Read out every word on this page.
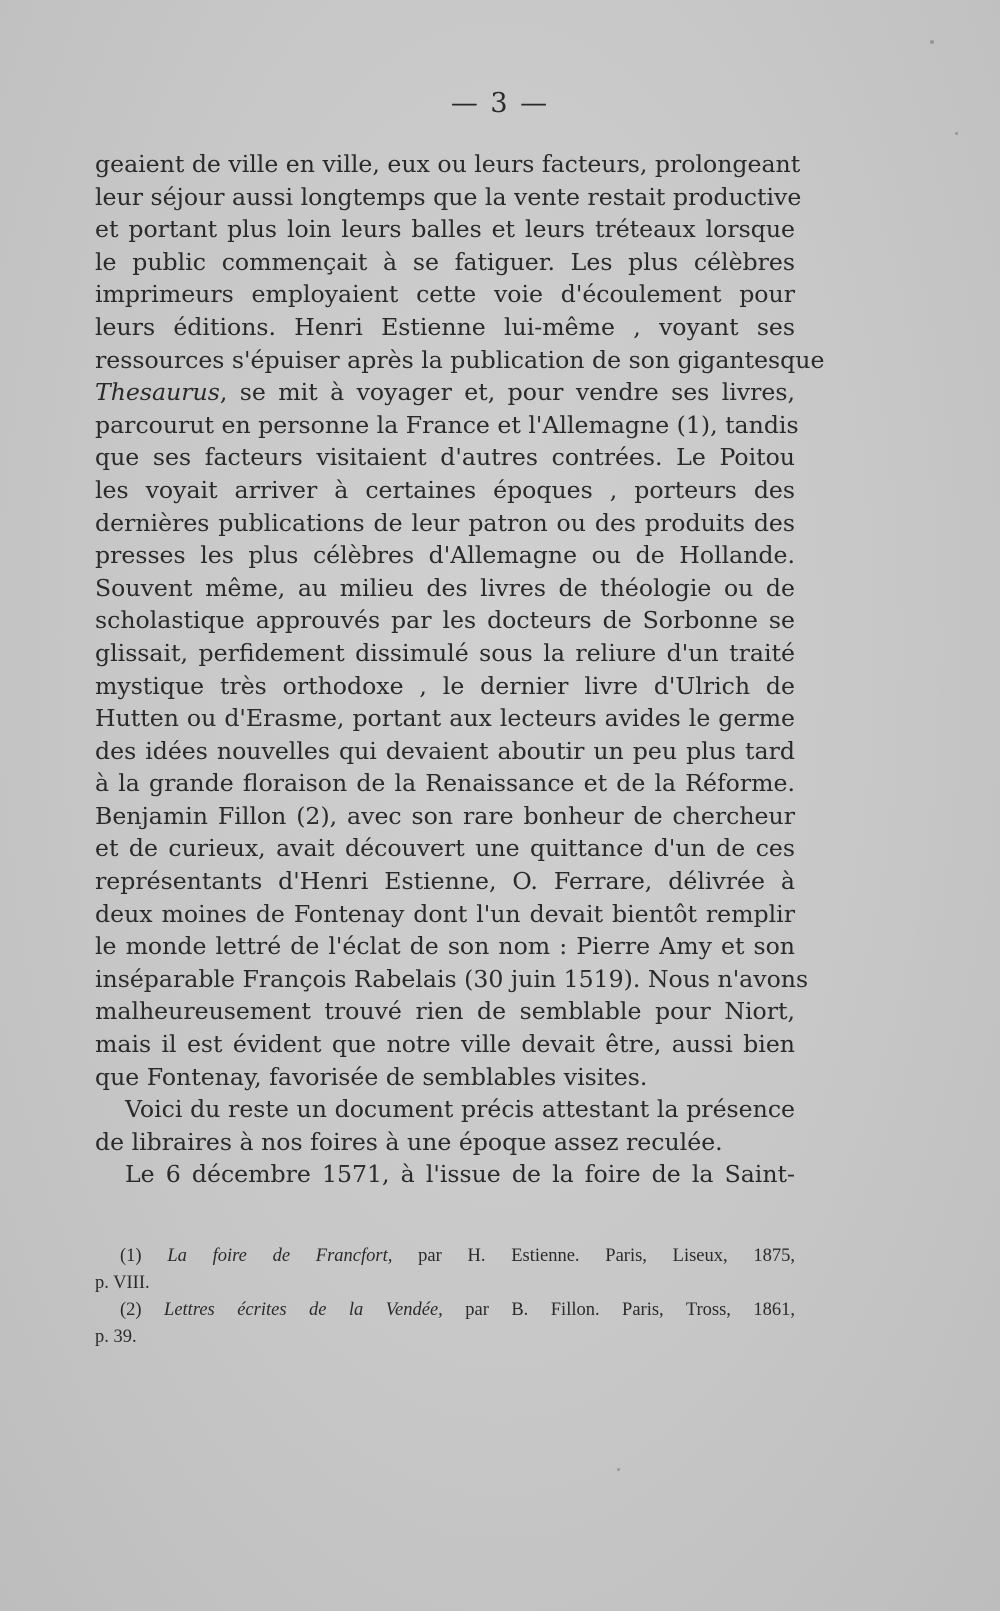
— 3 —
geaient de ville en ville, eux ou leurs facteurs, prolongeant
leur séjour aussi longtemps que la vente restait productive
et portant plus loin leurs balles et leurs tréteaux lorsque
le public commençait à se fatiguer. Les plus célèbres
imprimeurs employaient cette voie d'écoulement pour
leurs éditions. Henri Estienne lui-même , voyant ses
ressources s'épuiser après la publication de son gigantesque
Thesaurus, se mit à voyager et, pour vendre ses livres,
parcourut en personne la France et l'Allemagne (1), tandis
que ses facteurs visitaient d'autres contrées. Le Poitou
les voyait arriver à certaines époques , porteurs des
dernières publications de leur patron ou des produits des
presses les plus célèbres d'Allemagne ou de Hollande.
Souvent même, au milieu des livres de théologie ou de
scholastique approuvés par les docteurs de Sorbonne se
glissait, perfidement dissimulé sous la reliure d'un traité
mystique très orthodoxe , le dernier livre d'Ulrich de
Hutten ou d'Erasme, portant aux lecteurs avides le germe
des idées nouvelles qui devaient aboutir un peu plus tard
à la grande floraison de la Renaissance et de la Réforme.
Benjamin Fillon (2), avec son rare bonheur de chercheur
et de curieux, avait découvert une quittance d'un de ces
représentants d'Henri Estienne, O. Ferrare, délivrée à
deux moines de Fontenay dont l'un devait bientôt remplir
le monde lettré de l'éclat de son nom : Pierre Amy et son
inséparable François Rabelais (30 juin 1519). Nous n'avons
malheureusement trouvé rien de semblable pour Niort,
mais il est évident que notre ville devait être, aussi bien
que Fontenay, favorisée de semblables visites.
Voici du reste un document précis attestant la présence
de libraires à nos foires à une époque assez reculée.
Le 6 décembre 1571, à l'issue de la foire de la Saint-
(1) La foire de Francfort, par H. Estienne. Paris, Liseux, 1875,
p. VIII.
(2) Lettres écrites de la Vendée, par B. Fillon. Paris, Tross, 1861,
p. 39.
